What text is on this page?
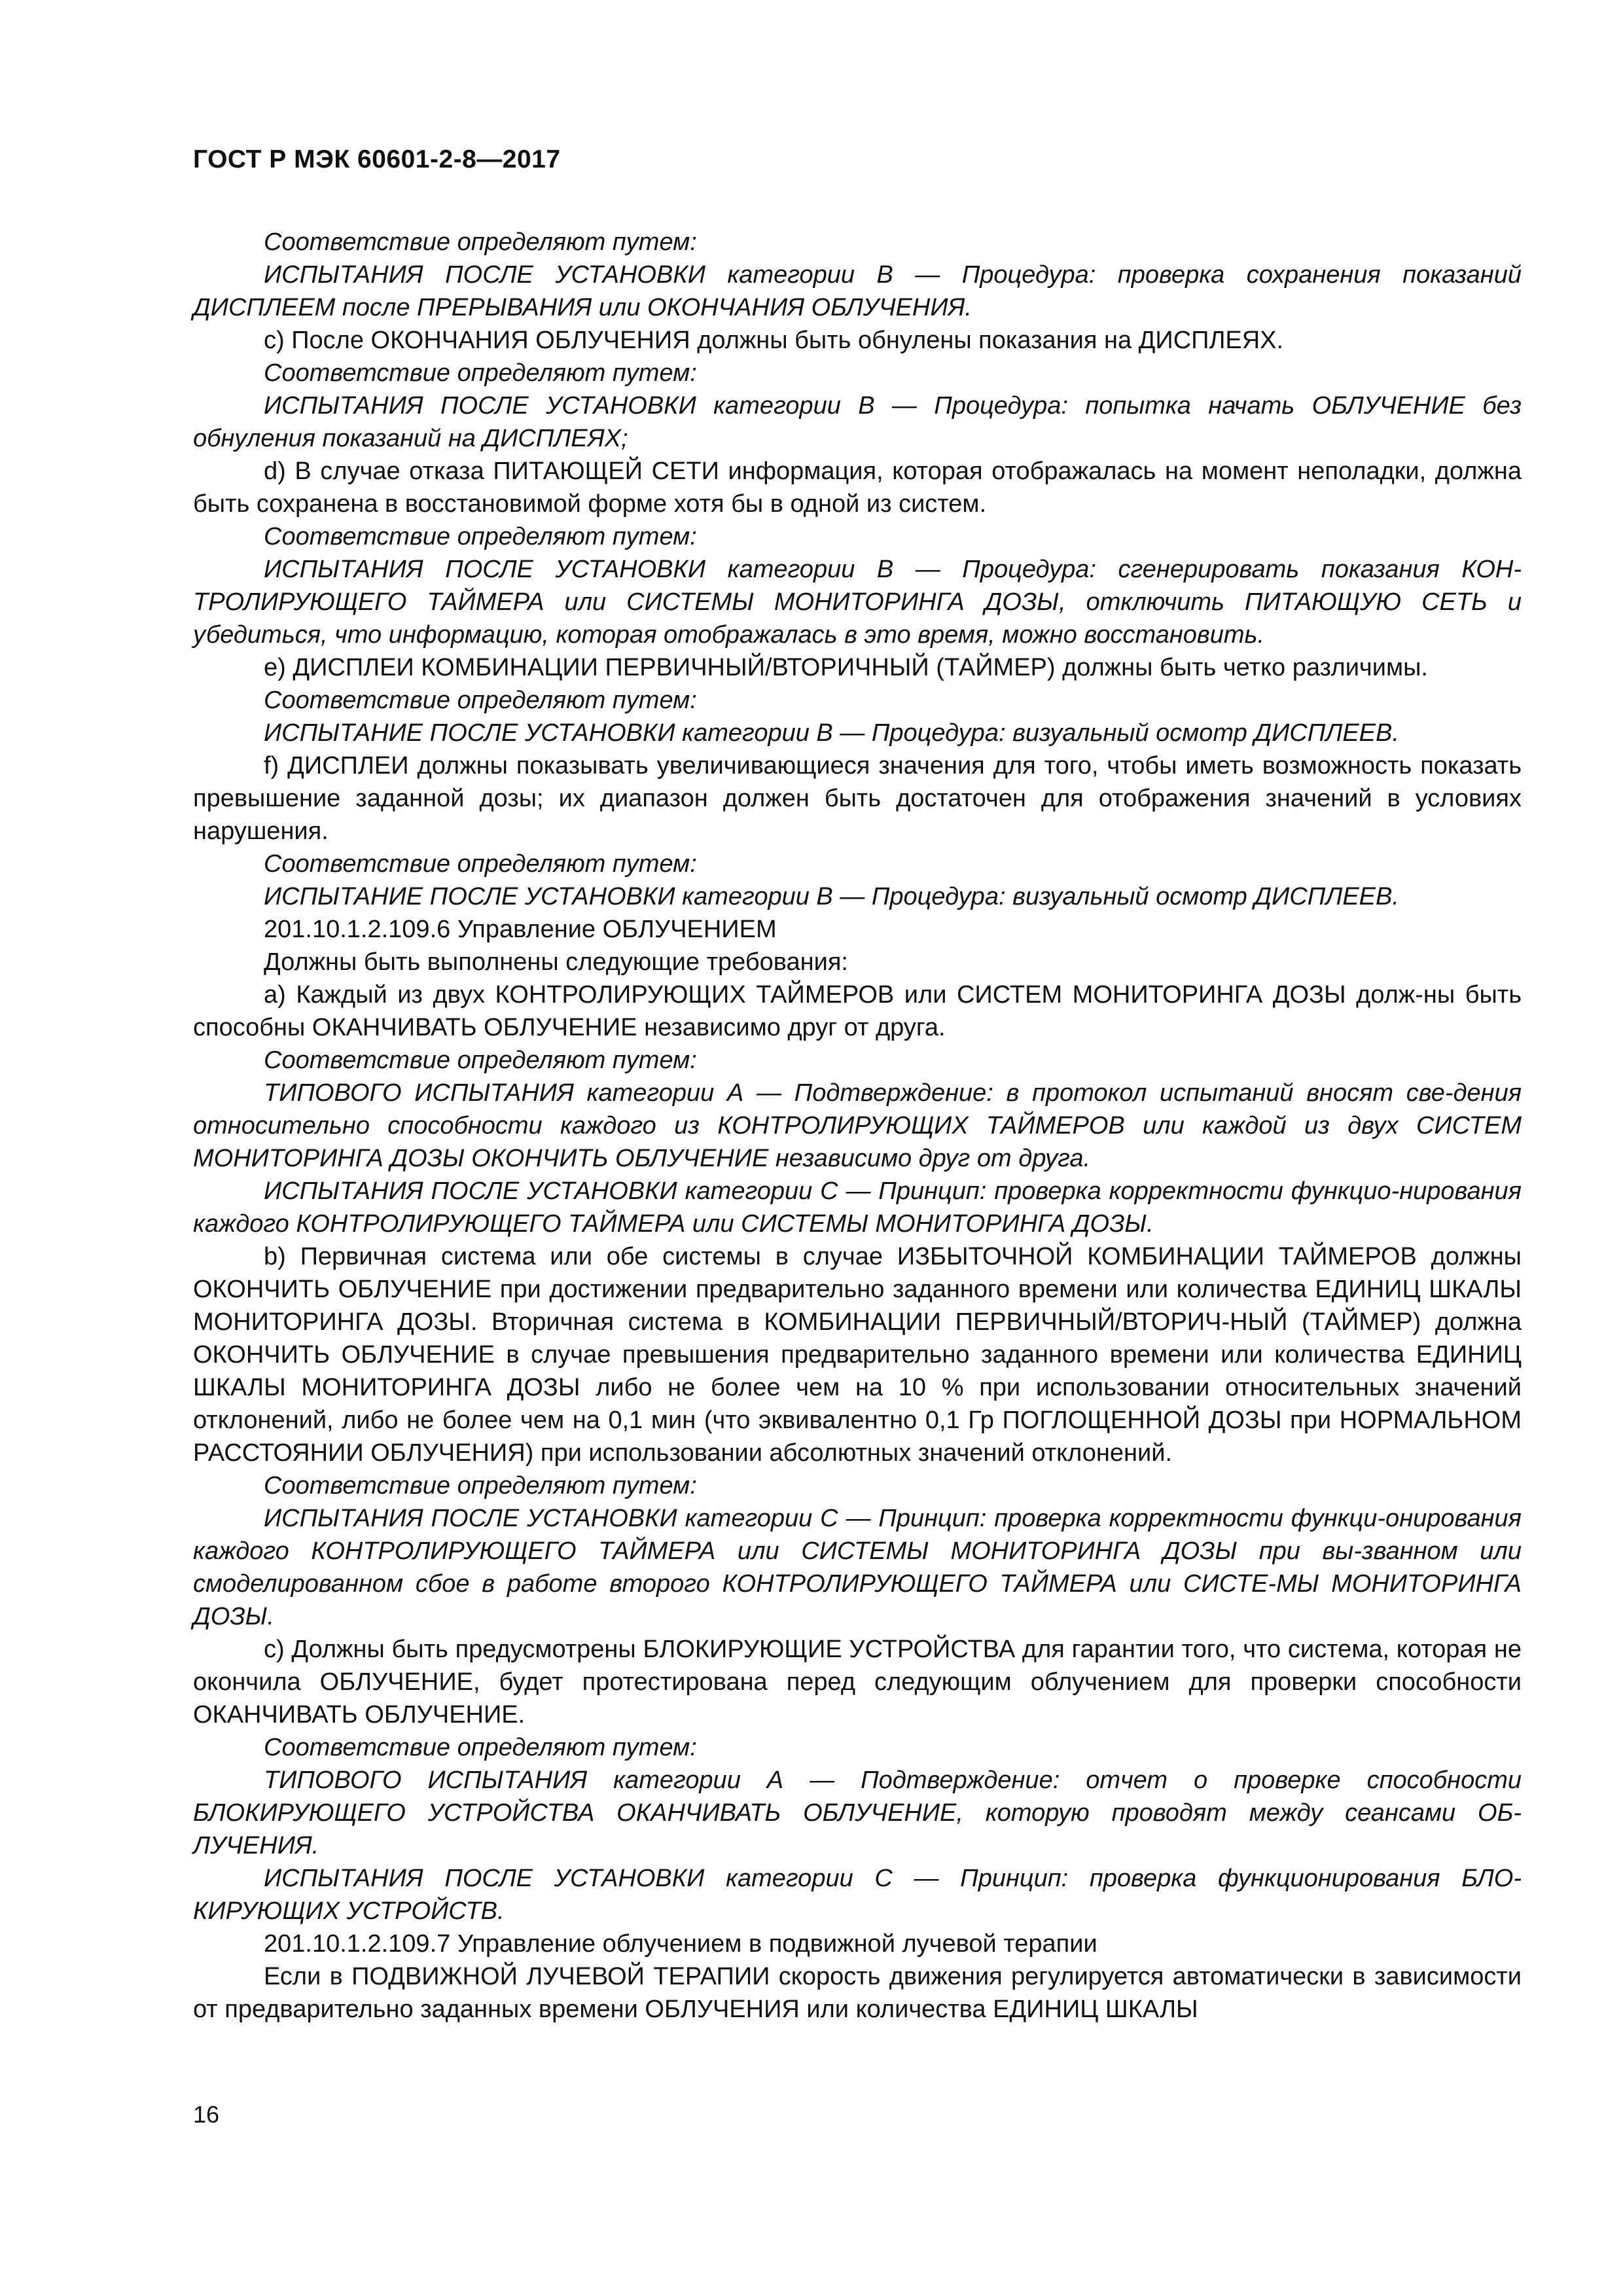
ГОСТ Р МЭК 60601-2-8—2017

Соответствие определяют путем:

ИСПЫТАНИЯ ПОСЛЕ УСТАНОВКИ категории В — Процедура: проверка сохранения показаний ДИСПЛЕЕМ после ПРЕРЫВАНИЯ или ОКОНЧАНИЯ ОБЛУЧЕНИЯ.

c) После ОКОНЧАНИЯ ОБЛУЧЕНИЯ должны быть обнулены показания на ДИСПЛЕЯХ.

Соответствие определяют путем:

ИСПЫТАНИЯ ПОСЛЕ УСТАНОВКИ категории В — Процедура: попытка начать ОБЛУЧЕНИЕ без обнуления показаний на ДИСПЛЕЯХ;

d) В случае отказа ПИТАЮЩЕЙ СЕТИ информация, которая отображалась на момент неполадки, должна быть сохранена в восстановимой форме хотя бы в одной из систем.

Соответствие определяют путем:

ИСПЫТАНИЯ ПОСЛЕ УСТАНОВКИ категории В — Процедура: сгенерировать показания КОН-ТРОЛИРУЮЩЕГО ТАЙМЕРА или СИСТЕМЫ МОНИТОРИНГА ДОЗЫ, отключить ПИТАЮЩУЮ СЕТЬ и убедиться, что информацию, которая отображалась в это время, можно восстановить.

e) ДИСПЛЕИ КОМБИНАЦИИ ПЕРВИЧНЫЙ/ВТОРИЧНЫЙ (ТАЙМЕР) должны быть четко различимы.

Соответствие определяют путем:

ИСПЫТАНИЕ ПОСЛЕ УСТАНОВКИ категории В — Процедура: визуальный осмотр ДИСПЛЕЕВ.

f) ДИСПЛЕИ должны показывать увеличивающиеся значения для того, чтобы иметь возможность показать превышение заданной дозы; их диапазон должен быть достаточен для отображения значений в условиях нарушения.

Соответствие определяют путем:

ИСПЫТАНИЕ ПОСЛЕ УСТАНОВКИ категории В — Процедура: визуальный осмотр ДИСПЛЕЕВ.

201.10.1.2.109.6 Управление ОБЛУЧЕНИЕМ

Должны быть выполнены следующие требования:

a) Каждый из двух КОНТРОЛИРУЮЩИХ ТАЙМЕРОВ или СИСТЕМ МОНИТОРИНГА ДОЗЫ долж-ны быть способны ОКАНЧИВАТЬ ОБЛУЧЕНИЕ независимо друг от друга.

Соответствие определяют путем:

ТИПОВОГО ИСПЫТАНИЯ категории А — Подтверждение: в протокол испытаний вносят све-дения относительно способности каждого из КОНТРОЛИРУЮЩИХ ТАЙМЕРОВ или каждой из двух СИСТЕМ МОНИТОРИНГА ДОЗЫ ОКОНЧИТЬ ОБЛУЧЕНИЕ независимо друг от друга.

ИСПЫТАНИЯ ПОСЛЕ УСТАНОВКИ категории С — Принцип: проверка корректности функцио-нирования каждого КОНТРОЛИРУЮЩЕГО ТАЙМЕРА или СИСТЕМЫ МОНИТОРИНГА ДОЗЫ.

b) Первичная система или обе системы в случае ИЗБЫТОЧНОЙ КОМБИНАЦИИ ТАЙМЕРОВ должны ОКОНЧИТЬ ОБЛУЧЕНИЕ при достижении предварительно заданного времени или количества ЕДИНИЦ ШКАЛЫ МОНИТОРИНГА ДОЗЫ. Вторичная система в КОМБИНАЦИИ ПЕРВИЧНЫЙ/ВТОРИЧ-НЫЙ (ТАЙМЕР) должна ОКОНЧИТЬ ОБЛУЧЕНИЕ в случае превышения предварительно заданного времени или количества ЕДИНИЦ ШКАЛЫ МОНИТОРИНГА ДОЗЫ либо не более чем на 10 % при использовании относительных значений отклонений, либо не более чем на 0,1 мин (что эквивалентно 0,1 Гр ПОГЛОЩЕННОЙ ДОЗЫ при НОРМАЛЬНОМ РАССТОЯНИИ ОБЛУЧЕНИЯ) при использовании абсолютных значений отклонений.

Соответствие определяют путем:

ИСПЫТАНИЯ ПОСЛЕ УСТАНОВКИ категории С — Принцип: проверка корректности функци-онирования каждого КОНТРОЛИРУЮЩЕГО ТАЙМЕРА или СИСТЕМЫ МОНИТОРИНГА ДОЗЫ при вы-званном или смоделированном сбое в работе второго КОНТРОЛИРУЮЩЕГО ТАЙМЕРА или СИСТЕ-МЫ МОНИТОРИНГА ДОЗЫ.

c) Должны быть предусмотрены БЛОКИРУЮЩИЕ УСТРОЙСТВА для гарантии того, что система, которая не окончила ОБЛУЧЕНИЕ, будет протестирована перед следующим облучением для проверки способности ОКАНЧИВАТЬ ОБЛУЧЕНИЕ.

Соответствие определяют путем:

ТИПОВОГО ИСПЫТАНИЯ категории А — Подтверждение: отчет о проверке способности БЛОКИРУЮЩЕГО УСТРОЙСТВА ОКАНЧИВАТЬ ОБЛУЧЕНИЕ, которую проводят между сеансами ОБ-ЛУЧЕНИЯ.

ИСПЫТАНИЯ ПОСЛЕ УСТАНОВКИ категории С — Принцип: проверка функционирования БЛО-КИРУЮЩИХ УСТРОЙСТВ.

201.10.1.2.109.7 Управление облучением в подвижной лучевой терапии

Если в ПОДВИЖНОЙ ЛУЧЕВОЙ ТЕРАПИИ скорость движения регулируется автоматически в зависимости от предварительно заданных времени ОБЛУЧЕНИЯ или количества ЕДИНИЦ ШКАЛЫ

16
